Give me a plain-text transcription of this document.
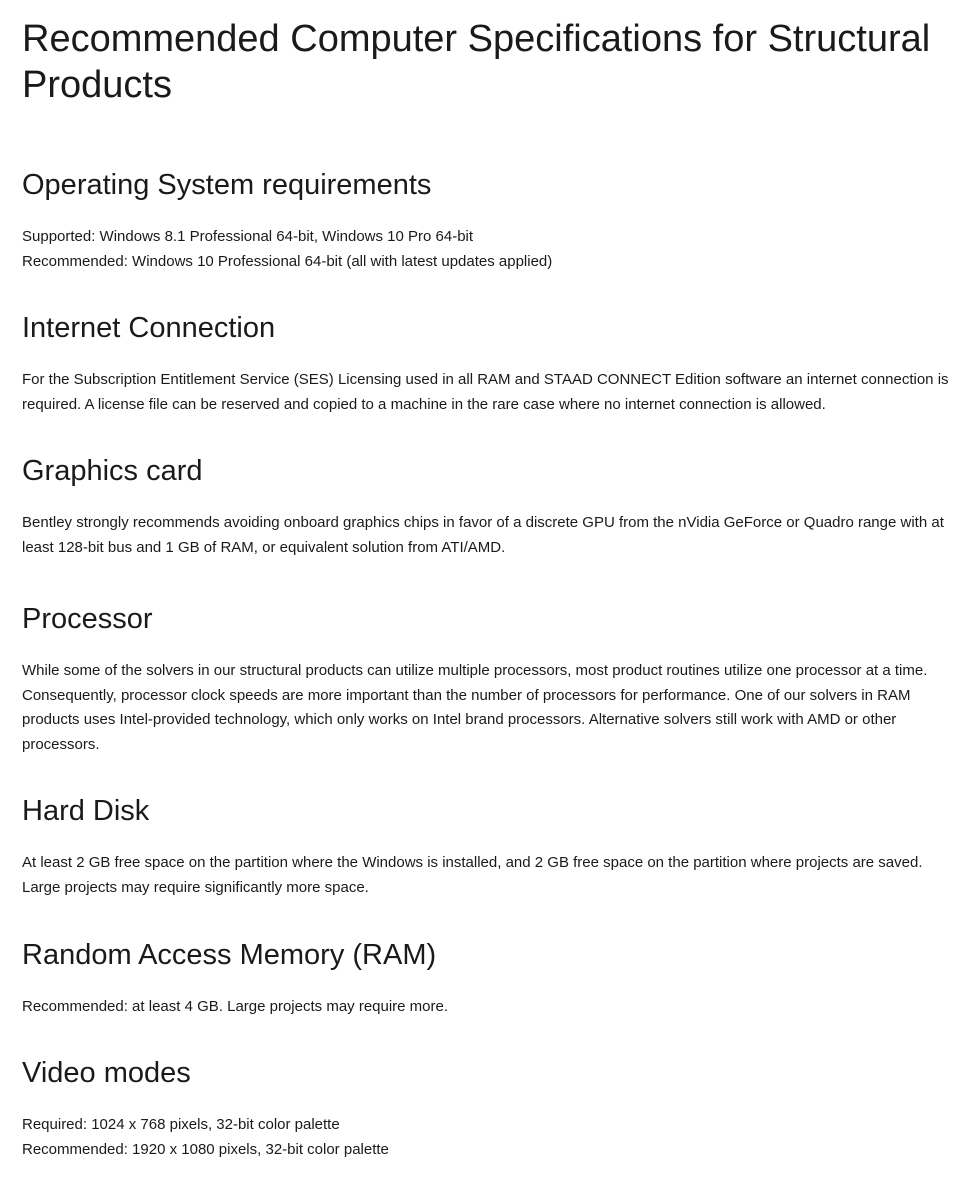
Recommended Computer Specifications for Structural Products
Operating System requirements
Supported: Windows 8.1 Professional 64-bit, Windows 10 Pro 64-bit
Recommended: Windows 10 Professional 64-bit (all with latest updates applied)
Internet Connection
For the Subscription Entitlement Service (SES) Licensing used in all RAM and STAAD CONNECT Edition software an internet connection is required. A license file can be reserved and copied to a machine in the rare case where no internet connection is allowed.
Graphics card
Bentley strongly recommends avoiding onboard graphics chips in favor of a discrete GPU from the nVidia GeForce or Quadro range with at least 128-bit bus and 1 GB of RAM, or equivalent solution from ATI/AMD.
Processor
While some of the solvers in our structural products can utilize multiple processors, most product routines utilize one processor at a time. Consequently, processor clock speeds are more important than the number of processors for performance. One of our solvers in RAM products uses Intel-provided technology, which only works on Intel brand processors. Alternative solvers still work with AMD or other processors.
Hard Disk
At least 2 GB free space on the partition where the Windows is installed, and 2 GB free space on the partition where projects are saved. Large projects may require significantly more space.
Random Access Memory (RAM)
Recommended: at least 4 GB. Large projects may require more.
Video modes
Required: 1024 x 768 pixels, 32-bit color palette
Recommended: 1920 x 1080 pixels, 32-bit color palette
